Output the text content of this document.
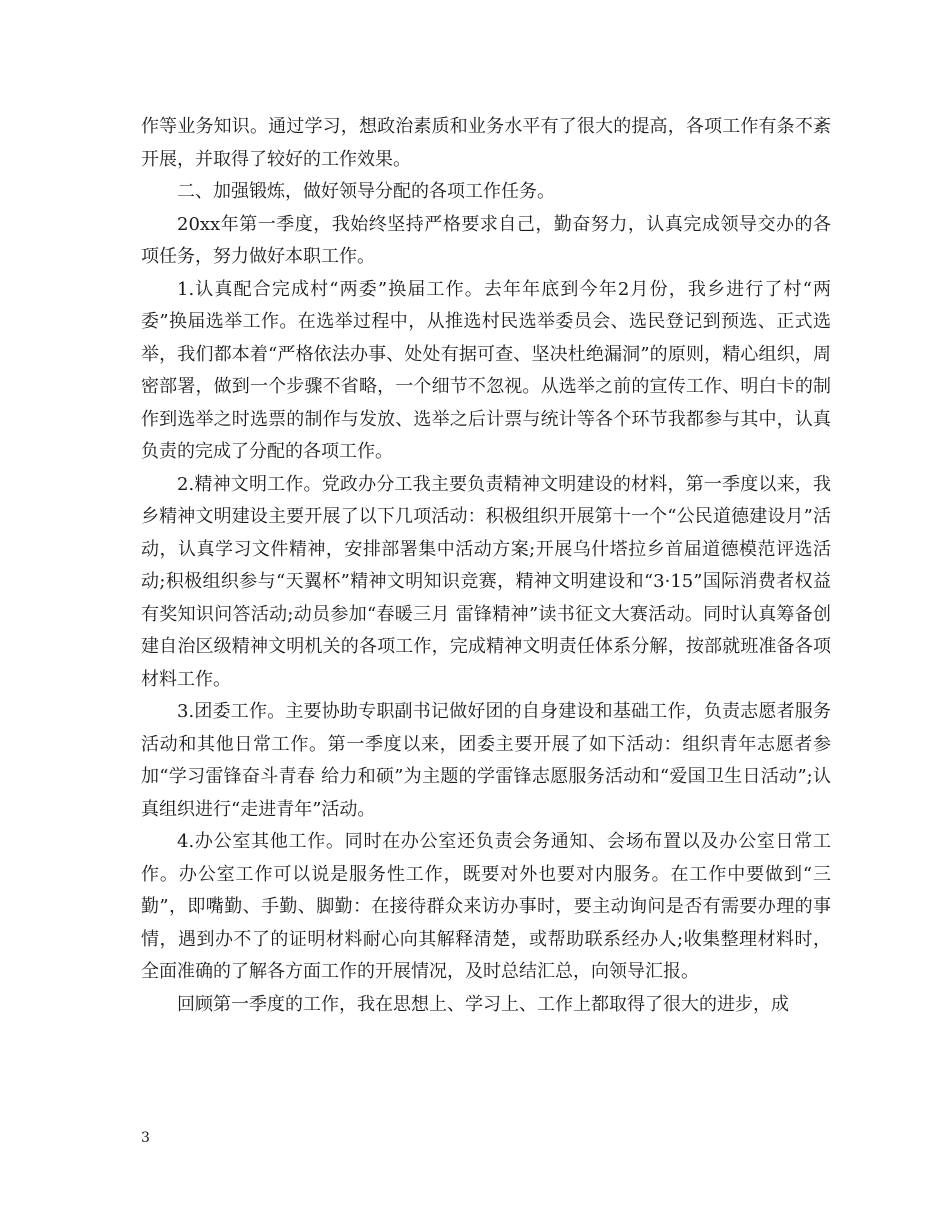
作等业务知识。通过学习，想政治素质和业务水平有了很大的提高，各项工作有条不紊开展，并取得了较好的工作效果。

二、加强锻炼，做好领导分配的各项工作任务。

20xx年第一季度，我始终坚持严格要求自己，勤奋努力，认真完成领导交办的各项任务，努力做好本职工作。

1.认真配合完成村“两委”换届工作。去年年底到今年2月份，我乡进行了村“两委”换届选举工作。在选举过程中，从推选村民选举委员会、选民登记到预选、正式选举，我们都本着“严格依法办事、处处有据可查、坚决杜绝漏洞”的原则，精心组织，周密部署，做到一个步骤不省略，一个细节不忽视。从选举之前的宣传工作、明白卡的制作到选举之时选票的制作与发放、选举之后计票与统计等各个环节我都参与其中，认真负责的完成了分配的各项工作。

2.精神文明工作。党政办分工我主要负责精神文明建设的材料，第一季度以来，我乡精神文明建设主要开展了以下几项活动：积极组织开展第十一个“公民道德建设月”活动，认真学习文件精神，安排部署集中活动方案;开展乌什塔拉乡首届道德模范评选活动;积极组织参与“天翼杯”精神文明知识竞赛，精神文明建设和“3·15”国际消费者权益有奖知识问答活动;动员参加“春暖三月 雷锋精神”读书征文大赛活动。同时认真筹备创建自治区级精神文明机关的各项工作，完成精神文明责任体系分解，按部就班准备各项材料工作。

3.团委工作。主要协助专职副书记做好团的自身建设和基础工作，负责志愿者服务活动和其他日常工作。第一季度以来，团委主要开展了如下活动：组织青年志愿者参加“学习雷锋奋斗青春 给力和硕”为主题的学雷锋志愿服务活动和“爱国卫生日活动”;认真组织进行“走进青年”活动。

4.办公室其他工作。同时在办公室还负责会务通知、会场布置以及办公室日常工作。办公室工作可以说是服务性工作，既要对外也要对内服务。在工作中要做到“三勤”，即嘴勤、手勤、脚勤：在接待群众来访办事时，要主动询问是否有需要办理的事情，遇到办不了的证明材料耐心向其解释清楚，或帮助联系经办人;收集整理材料时，全面准确的了解各方面工作的开展情况，及时总结汇总，向领导汇报。

回顾第一季度的工作，我在思想上、学习上、工作上都取得了很大的进步，成

3
